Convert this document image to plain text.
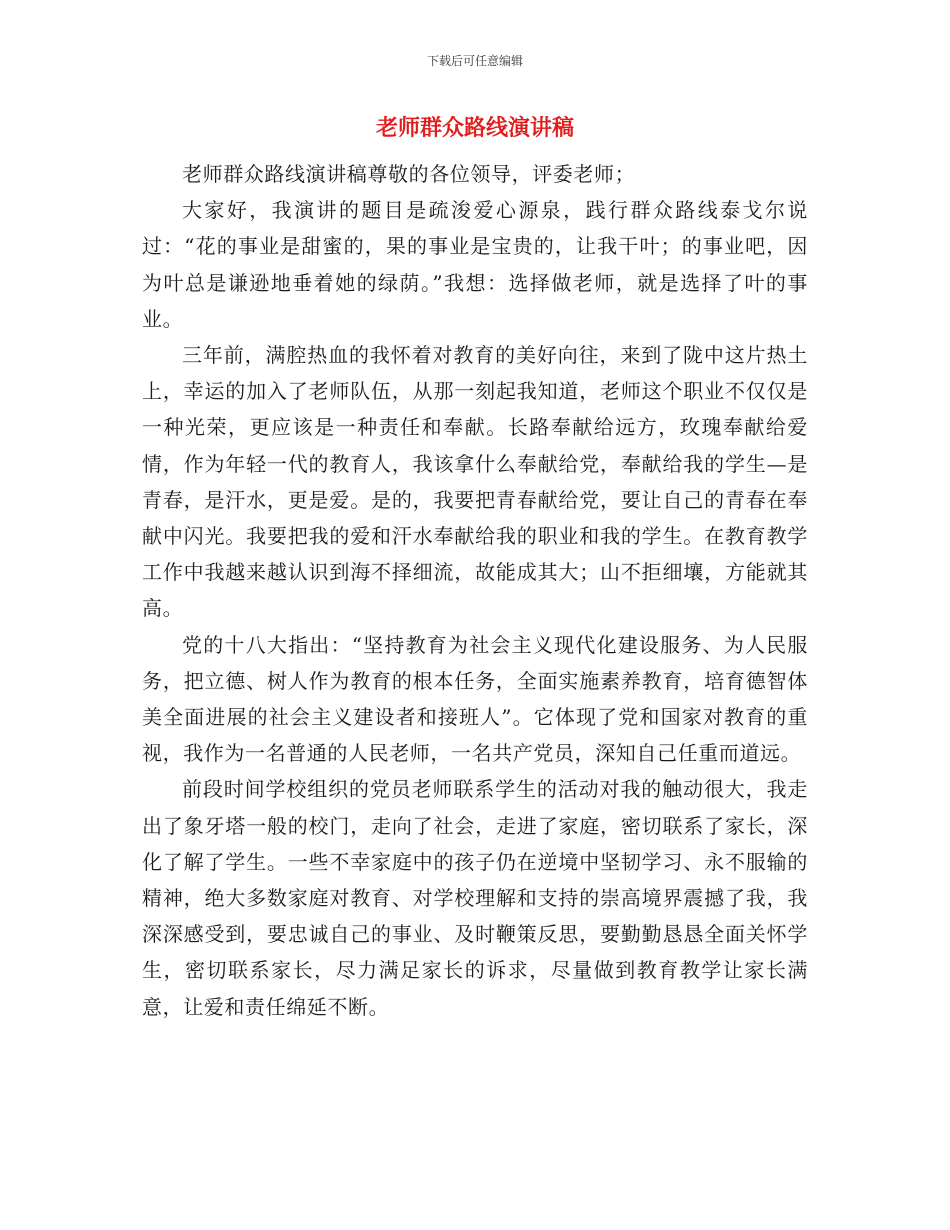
下载后可任意编辑
老师群众路线演讲稿

老师群众路线演讲稿尊敬的各位领导，评委老师；

大家好，我演讲的题目是疏浚爱心源泉，践行群众路线泰戈尔说过：“花的事业是甜蜜的，果的事业是宝贵的，让我干叶；的事业吧，因为叶总是谦逊地垂着她的绿荫。”我想：选择做老师，就是选择了叶的事业。

三年前，满腔热血的我怀着对教育的美好向往，来到了陇中这片热土上，幸运的加入了老师队伍，从那一刻起我知道，老师这个职业不仅仅是一种光荣，更应该是一种责任和奉献。长路奉献给远方，玫瑰奉献给爱情，作为年轻一代的教育人，我该拿什么奉献给党，奉献给我的学生—是青春，是汗水，更是爱。是的，我要把青春献给党，要让自己的青春在奉献中闪光。我要把我的爱和汗水奉献给我的职业和我的学生。在教育教学工作中我越来越认识到海不择细流，故能成其大；山不拒细壤，方能就其高。

党的十八大指出：“坚持教育为社会主义现代化建设服务、为人民服务，把立德、树人作为教育的根本任务，全面实施素养教育，培育德智体美全面进展的社会主义建设者和接班人”。它体现了党和国家对教育的重视，我作为一名普通的人民老师，一名共产党员，深知自己任重而道远。

前段时间学校组织的党员老师联系学生的活动对我的触动很大，我走出了象牙塔一般的校门，走向了社会，走进了家庭，密切联系了家长，深化了解了学生。一些不幸家庭中的孩子仍在逆境中坚韧学习、永不服输的精神，绝大多数家庭对教育、对学校理解和支持的崇高境界震撼了我，我深深感受到，要忠诚自己的事业、及时鞭策反思，要勤勤恳恳全面关怀学生，密切联系家长，尽力满足家长的诉求，尽量做到教育教学让家长满意，让爱和责任绵延不断。
